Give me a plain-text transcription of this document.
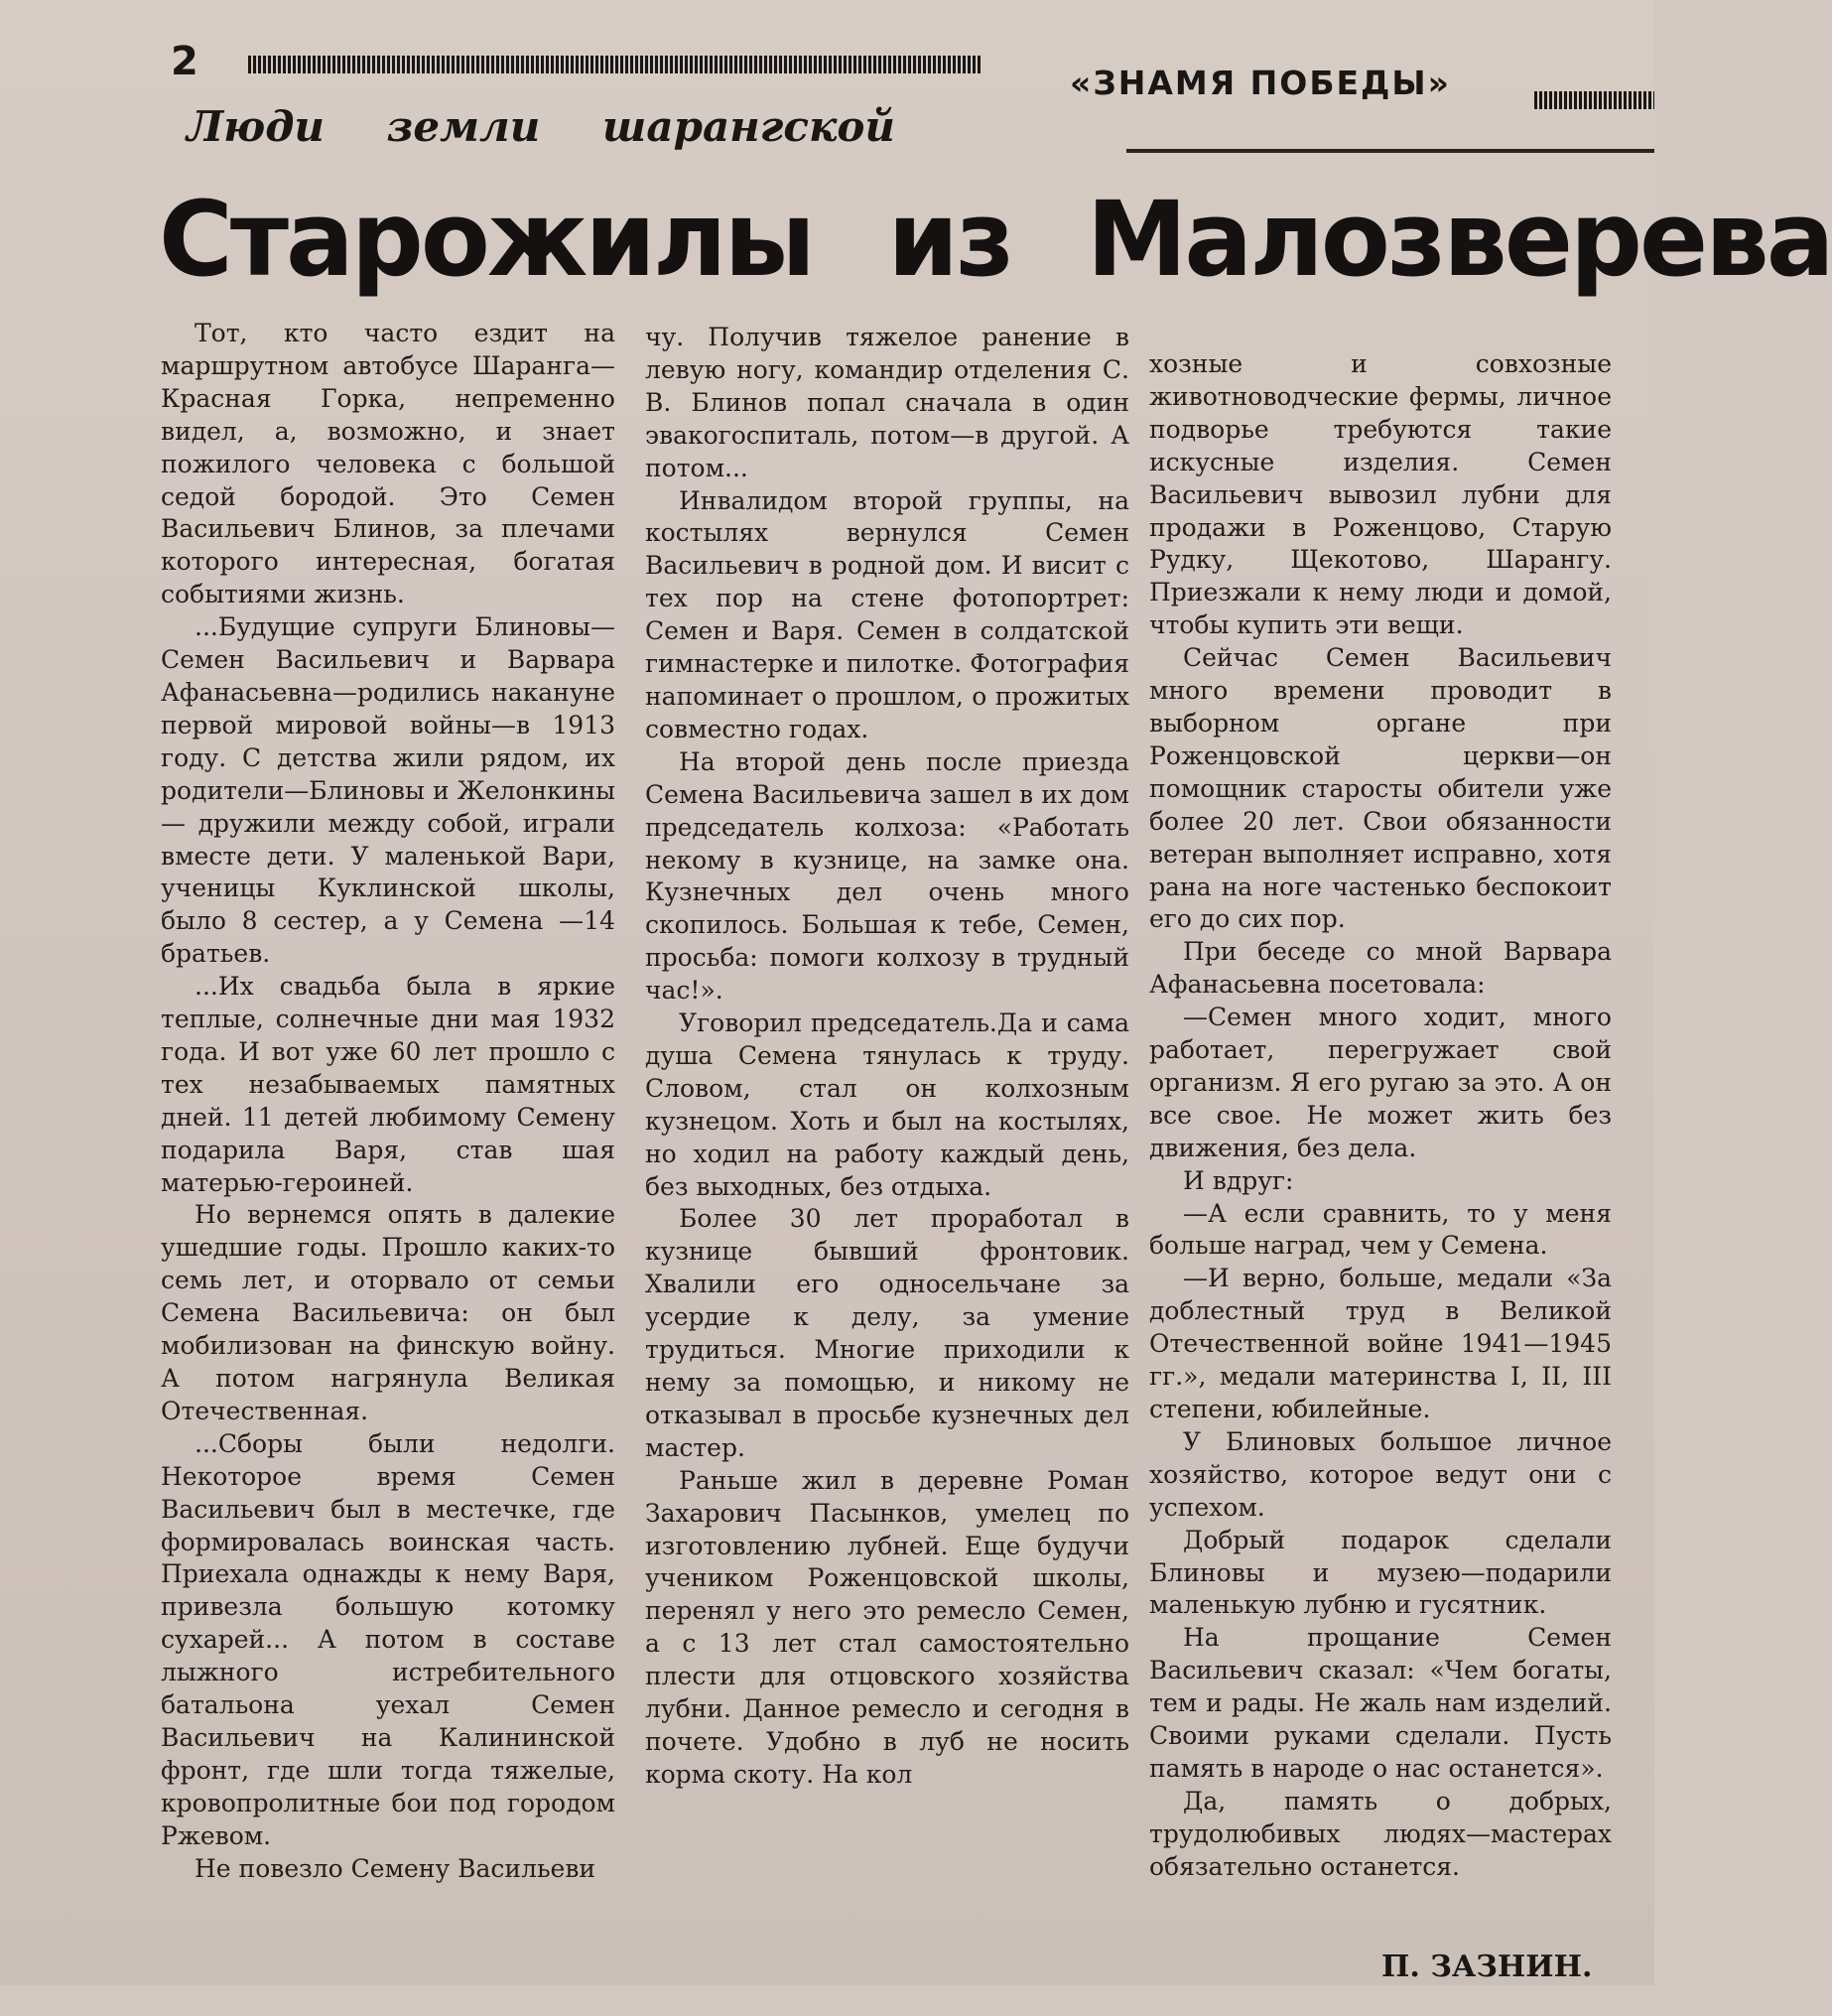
2	«ЗНАМЯ ПОБЕДЫ»
Люди земли шарангской
Старожилы из Малозверева

Тот, кто часто ездит на маршрутном автобусе Шаранга—Красная Горка, непременно видел, а, возможно, и знает пожилого человека с большой седой бородой. Это Семен Васильевич Блинов, за плечами которого интересная, богатая событиями жизнь.

...Будущие супруги Блиновы—Семен Васильевич и Варвара Афанасьевна—родились накануне первой мировой войны—в 1913 году. С детства жили рядом, их родители—Блиновы и Желонкины — дружили между собой, играли вместе дети. У маленькой Вари, ученицы Куклинской школы, было 8 сестер, а у Семена —14 братьев.

...Их свадьба была в яркие теплые, солнечные дни мая 1932 года. И вот уже 60 лет прошло с тех незабываемых памятных дней. 11 детей любимому Семену подарила Варя, став шая матерью-героиней.

Но вернемся опять в далекие ушедшие годы. Прошло каких-то семь лет, и оторвало от семьи Семена Васильевича: он был мобилизован на финскую войну. А потом нагрянула Великая Отечественная.

...Сборы были недолги. Некоторое время Семен Васильевич был в местечке, где формировалась воинская часть. Приехала однажды к нему Варя, привезла большую котомку сухарей... А потом в составе лыжного истребительного батальона уехал Семен Васильевич на Калининской фронт, где шли тогда тяжелые, кровопролитные бои под городом Ржевом.

Не повезло Семену Васильеви

чу. Получив тяжелое ранение в левую ногу, командир отделения С. В. Блинов попал сначала в один эвакогоспиталь, потом—в другой. А потом...

Инвалидом второй группы, на костылях вернулся Семен Васильевич в родной дом. И висит с тех пор на стене фотопортрет: Семен и Варя. Семен в солдатской гимнастерке и пилотке. Фотография напоминает о прошлом, о прожитых совместно годах.

На второй день после приезда Семена Васильевича зашел в их дом председатель колхоза: «Работать некому в кузнице, на замке она. Кузнечных дел очень много скопилось. Большая к тебе, Семен, просьба: помоги колхозу в трудный час!».

Уговорил председатель.Да и сама душа Семена тянулась к труду. Словом, стал он колхозным кузнецом. Хоть и был на костылях, но ходил на работу каждый день, без выходных, без отдыха.

Более 30 лет проработал в кузнице бывший фронтовик. Хвалили его односельчане за усердие к делу, за умение трудиться. Многие приходили к нему за помощью, и никому не отказывал в просьбе кузнечных дел мастер.

Раньше жил в деревне Роман Захарович Пасынков, умелец по изготовлению лубней. Еще будучи учеником Роженцовской школы, перенял у него это ремесло Семен, а с 13 лет стал самостоятельно плести для отцовского хозяйства лубни. Данное ремесло и сегодня в почете. Удобно в луб не носить корма скоту. На кол

хозные и совхозные животноводческие фермы, личное подворье требуются такие искусные изделия. Семен Васильевич вывозил лубни для продажи в Роженцово, Старую Рудку, Щекотово, Шарангу. Приезжали к нему люди и домой, чтобы купить эти вещи.

Сейчас Семен Васильевич много времени проводит в выборном органе при Роженцовской церкви—он помощник старосты обители уже более 20 лет. Свои обязанности ветеран выполняет исправно, хотя рана на ноге частенько беспокоит его до сих пор.

При беседе со мной Варвара Афанасьевна посетовала:

—Семен много ходит, много работает, перегружает свой организм. Я его ругаю за это. А он все свое. Не может жить без движения, без дела.

И вдруг:

—А если сравнить, то у меня больше наград, чем у Семена.

—И верно, больше, медали «За доблестный труд в Великой Отечественной войне 1941—1945 гг.», медали материнства I, II, III степени, юбилейные.

У Блиновых большое личное хозяйство, которое ведут они с успехом.

Добрый подарок сделали Блиновы и музею—подарили маленькую лубню и гусятник.

На прощание Семен Васильевич сказал: «Чем богаты, тем и рады. Не жаль нам изделий. Своими руками сделали. Пусть память в народе о нас останется».

Да, память о добрых, трудолюбивых людях—мастерах обязательно останется.

П. ЗАЗНИН.
